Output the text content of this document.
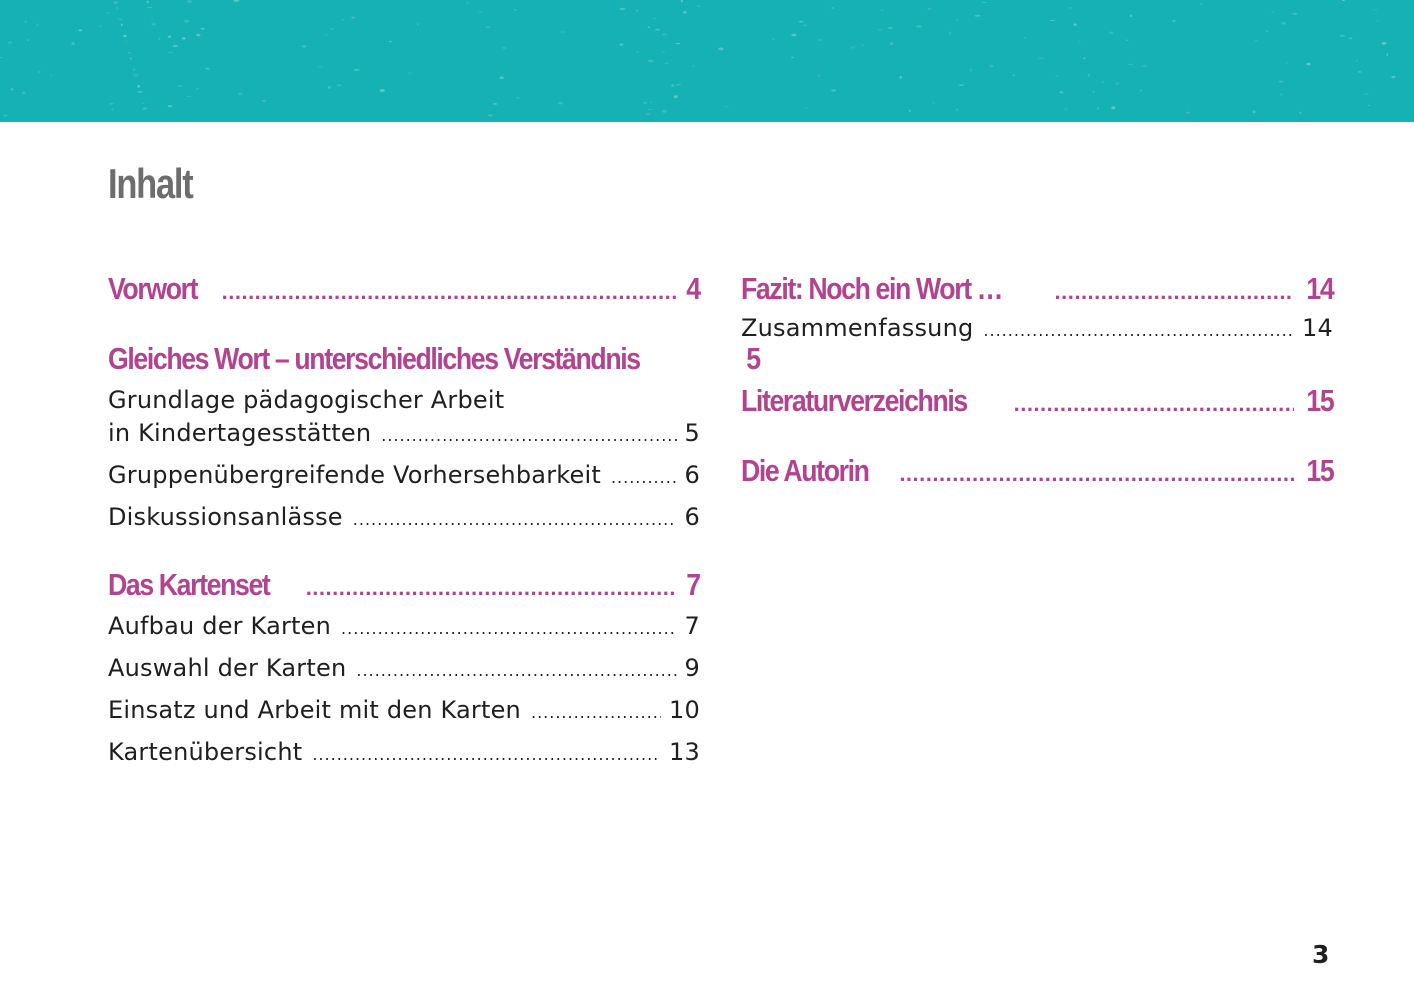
Inhalt
Vorwort .....	4
Gleiches Wort – unterschiedliches Verständnis	5
Grundlage pädagogischer Arbeit
in Kindertagesstätten .....	5
Gruppenübergreifende Vorhersehbarkeit .....	6
Diskussionsanlässe .....	6
Das Kartenset .....	7
Aufbau der Karten .....	7
Auswahl der Karten .....	9
Einsatz und Arbeit mit den Karten .....	10
Kartenübersicht .....	13
Fazit: Noch ein Wort … .....	14
Zusammenfassung .....	14
Literaturverzeichnis .....	15
Die Autorin .....	15
3
